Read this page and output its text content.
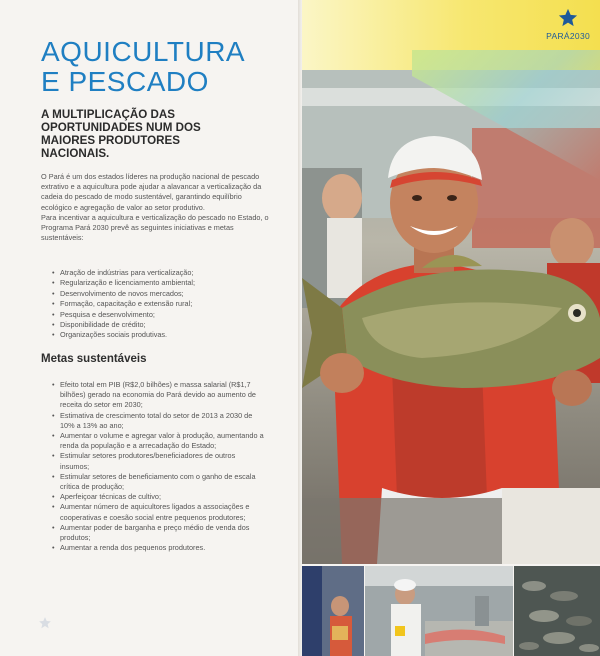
AQUICULTURA
E PESCADO
A MULTIPLICAÇÃO DAS
OPORTUNIDADES NUM DOS
MAIORES PRODUTORES
NACIONAIS.

O Pará é um dos estados líderes na produção nacional de pescado extrativo e a aquicultura pode ajudar a alavancar a verticalização da cadeia do pescado de modo sustentável, garantindo equilíbrio ecológico e agregação de valor ao setor produtivo.

Para incentivar a aquicultura e verticalização do pescado no Estado, o Programa Pará 2030 prevê as seguintes iniciativas e metas sustentáveis:

• Atração de indústrias para verticalização;
• Regularização e licenciamento ambiental;
• Desenvolvimento de novos mercados;
• Formação, capacitação e extensão rural;
• Pesquisa e desenvolvimento;
• Disponibilidade de crédito;
• Organizações sociais produtivas.
Metas sustentáveis
• Efeito total em PIB (R$2,0 bilhões) e massa salarial (R$1,7 bilhões) gerado na economia do Pará devido ao aumento de receita do setor em 2030;
• Estimativa de crescimento total do setor de 2013 a 2030 de 10% a 13% ao ano;
• Aumentar o volume e agregar valor à produção, aumentando a renda da população e a arrecadação do Estado;
• Estimular setores produtores/beneficiadores de outros insumos;
• Estimular setores de beneficiamento com o ganho de escala crítica de produção;
• Aperfeiçoar técnicas de cultivo;
• Aumentar número de aquicultores ligados a associações e cooperativas e coesão social entre pequenos produtores;
• Aumentar poder de barganha e preço médio de venda dos produtos;
• Aumentar a renda dos pequenos produtores.
PARÁ2030
